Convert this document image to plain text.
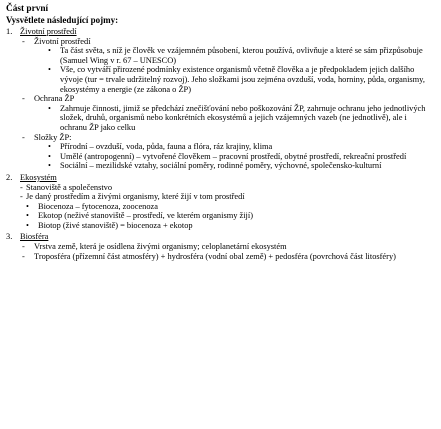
Část první
Vysvětlete následující pojmy:
1. Životní prostředí
-
Životní prostředí
•
Ta část světa, s níž je člověk ve vzájemném působení, kterou používá, ovlivňuje a které se sám přizpůsobuje (Samuel Wing v r. 67 – UNESCO)
•
Vše, co vytváří přirozené podmínky existence organismů včetně člověka a je předpokladem jejich dalšího vývoje (tur = trvale udržitelný rozvoj). Jeho složkami jsou zejména ovzduší, voda, horniny, půda, organismy, ekosystémy a energie (ze zákona o ŽP)
-
Ochrana ŽP
•
Zahrnuje činnosti, jimiž se předchází znečišťování nebo poškozování ŽP, zahrnuje ochranu jeho jednotlivých složek, druhů, organismů nebo konkrétních ekosystémů a jejich vzájemných vazeb (ne jednotlivě), ale i ochranu ŽP jako celku
-
Složky ŽP:
•
Přírodní – ovzduší, voda, půda, fauna a flóra, ráz krajiny, klima
•
Umělé (antropogenní) – vytvořené člověkem – pracovní prostředí, obytné prostředí, rekreační prostředí
•
Sociální – mezilidské vztahy, sociální poměry, rodinné poměry, výchovné, společensko-kulturní
2. Ekosystém
-
Stanoviště a společenstvo
-
Je daný prostředím a živými organismy, které žijí v tom prostředí
•
Biocenoza – fytocenoza, zoocenoza
•
Ekotop (neživé stanoviště – prostředí, ve kterém organismy žijí)
•
Biotop (živé stanoviště) = biocenoza + ekotop
3. Biosféra
-
Vrstva země, která je osídlena živými organismy; celoplanetární ekosystém
-
Troposféra (přízemní část atmosféry) + hydrosféra (vodní obal země) + pedosféra (povrchová část litosféry)
